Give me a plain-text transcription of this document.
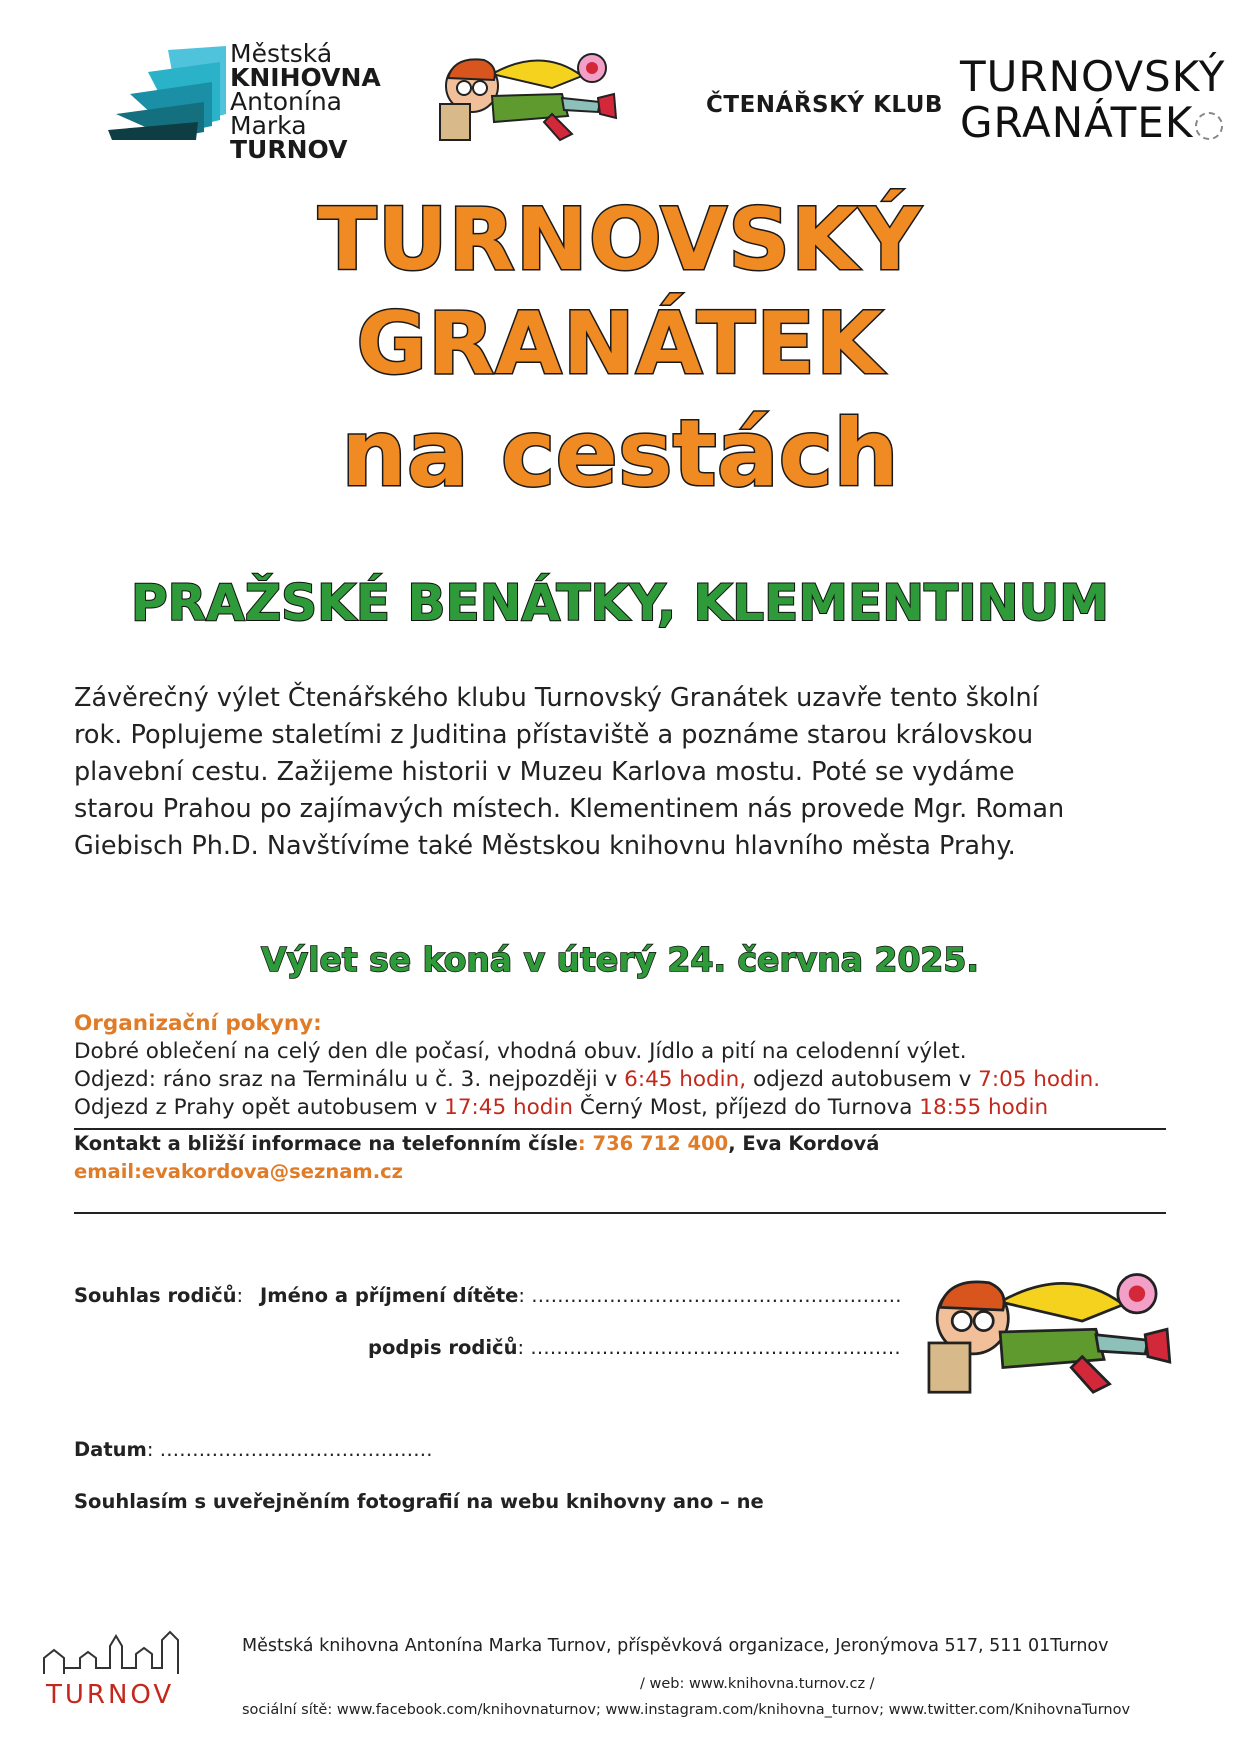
Městská
KNIHOVNA
Antonína
Marka
TURNOV
ČTENÁŘSKÝ KLUB
TURNOVSKÝ
GRANÁTEK
TURNOVSKÝ
GRANÁTEK
na cestách
PRAŽSKÉ BENÁTKY, KLEMENTINUM
Závěrečný výlet Čtenářského klubu Turnovský Granátek uzavře tento školní
rok. Poplujeme staletími z Juditina přístaviště a poznáme starou královskou
plavební cestu. Zažijeme historii v Muzeu Karlova mostu. Poté se vydáme
starou Prahou po zajímavých místech. Klementinem nás provede Mgr. Roman
Giebisch Ph.D. Navštívíme také Městskou knihovnu hlavního města Prahy.
Výlet se koná v úterý 24. června 2025.
Organizační pokyny:
Dobré oblečení na celý den dle počasí, vhodná obuv. Jídlo a pití na celodenní výlet.
Odjezd: ráno sraz na Terminálu u č. 3. nejpozději v 6:45 hodin, odjezd autobusem v 7:05 hodin.
Odjezd z Prahy opět autobusem v 17:45 hodin Černý Most, příjezd do Turnova 18:55 hodin
Kontakt a bližší informace na telefonním čísle: 736 712 400, Eva Kordová
email:evakordova@seznam.cz
Souhlas rodičů: Jméno a příjmení dítěte: …………………………………………………
podpis rodičů: …………………………………………………
Datum: ……………………………………
Souhlasím s uveřejněním fotografií na webu knihovny ano – ne
TURNOV
Městská knihovna Antonína Marka Turnov, příspěvková organizace, Jeronýmova 517, 511 01Turnov
/ web: www.knihovna.turnov.cz /
sociální sítě: www.facebook.com/knihovnaturnov; www.instagram.com/knihovna_turnov; www.twitter.com/KnihovnaTurnov
